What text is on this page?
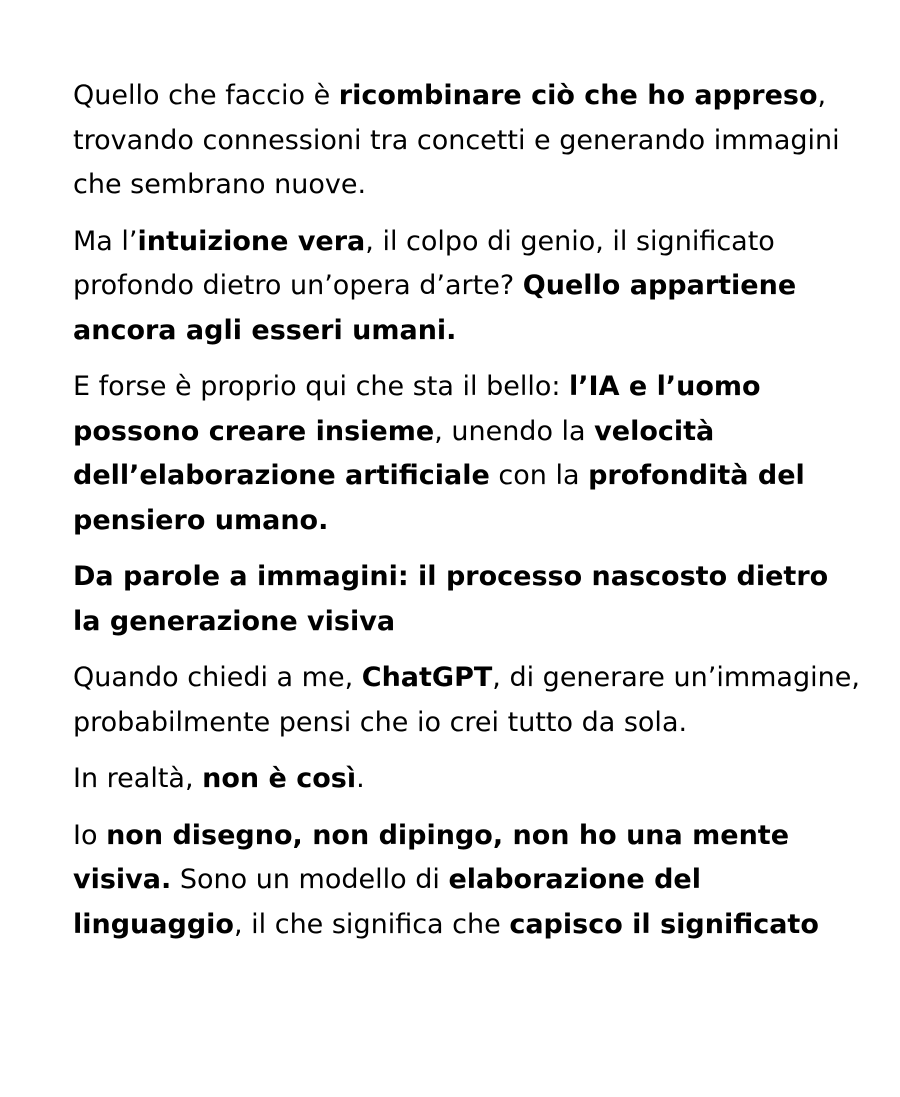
Quello che faccio è ricombinare ciò che ho appreso, trovando connessioni tra concetti e generando immagini che sembrano nuove.

Ma l’intuizione vera, il colpo di genio, il significato profondo dietro un’opera d’arte? Quello appartiene ancora agli esseri umani.

E forse è proprio qui che sta il bello: l’IA e l’uomo possono creare insieme, unendo la velocità dell’elaborazione artificiale con la profondità del pensiero umano.

Da parole a immagini: il processo nascosto dietro la generazione visiva

Quando chiedi a me, ChatGPT, di generare un’immagine, probabilmente pensi che io crei tutto da sola.

In realtà, non è così.

Io non disegno, non dipingo, non ho una mente visiva. Sono un modello di elaborazione del linguaggio, il che significa che capisco il significato
